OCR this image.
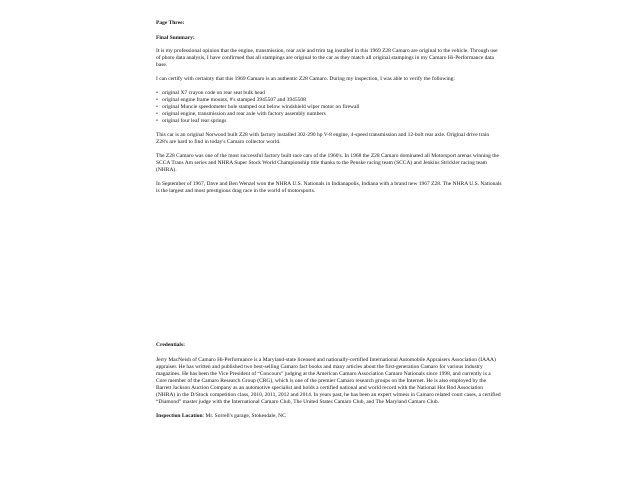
Page Three:
Final Summary:

It is my professional opinion that the engine, transmission, rear axle and trim tag installed in this 1969 Z28 Camaro are original to the vehicle. Through use of photo data analysis, I have confirmed that all stampings are original to the car as they match all original stampings in my Camaro Hi-Performance data base.

I can certify with certainty that this 1969 Camaro is an authentic Z28 Camaro. During my inspection, I was able to verify the following:

• original X7 crayon code on rear seat bulk head
• original engine frame mounts, #'s stamped 3945507 and 3945508
• original Muncie speedometer hole stamped out below windshield wiper motor on firewall
• original engine, transmission and rear axle with factory assembly numbers
• original four leaf rear springs

This car is an original Norwood built Z28 with factory installed 302-290 hp V-8 engine, 4-speed transmission and 12-bolt rear axle. Original drive train Z28's are hard to find in today's Camaro collector world.

The Z28 Camaro was one of the most successful factory built race cars of the 1960's. In 1968 the Z28 Camaro dominated all Motorsport arenas winning the SCCA Trans Am series and NHRA Super Stock World Championship title thanks to the Penske racing team (SCCA) and Jenkins Strickler racing team (NHRA).

In September of 1967, Dave and Ben Wenzel won the NHRA U.S. Nationals in Indianapolis, Indiana with a brand new 1967 Z28. The NHRA U.S. Nationals is the largest and most prestigious drag race in the world of motorsports.

Credentials:

Jerry MacNeish of Camaro Hi-Performance is a Maryland-state licensed and nationally-certified International Automobile Appraisers Association (IAAA) appraiser. He has written and published two best-selling Camaro fact books and many articles about the first-generation Camaro for various industry magazines. He has been the Vice President of “Concours” judging at the American Camaro Association Camaro Nationals since 1998, and currently is a Core member of the Camaro Research Group (CRG), which is one of the premier Camaro research groups on the Internet. He is also employed by the Barrett Jackson Auction Company as an automotive specialist and holds a certified national and world record with the National Hot Rod Association (NHRA) in the D/Stock competition class, 2010, 2011, 2012 and 2014. In years past, he has been an expert witness in Camaro related court cases, a certified “Diamond” master judge with the International Camaro Club, The United States Camaro Club, and The Maryland Camaro Club.

Inspection Location: Mr. Sorrell's garage, Stokesdale, NC
